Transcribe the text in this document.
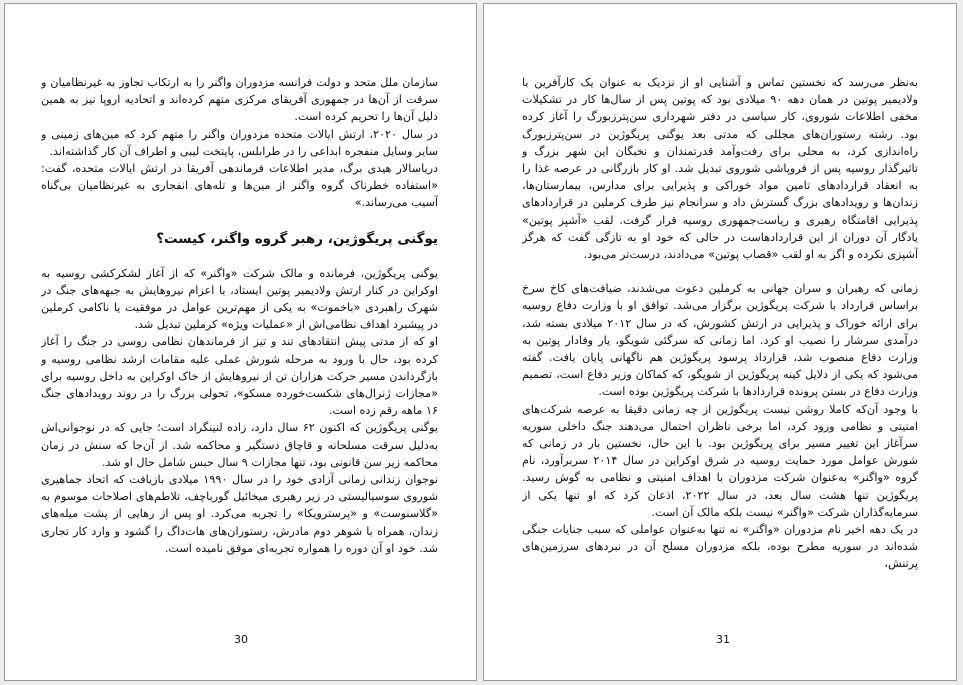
سازمان ملل متحد و دولت فرانسه مزدوران واگنر را به ارتکاب تجاوز به غیرنظامیان و سرقت از آن‌ها در جمهوری آفریقای مرکزی متهم کرده‌اند و اتحادیه اروپا نیز به همین دلیل آن‌ها را تحریم کرده است.

در سال ۲۰۲۰، ارتش ایالات متحده مزدوران واگنر را متهم کرد که مین‌های زمینی و سایر وسایل منفجره ابداعی را در طرابلس، پایتخت لیبی و اطراف آن کار گذاشته‌اند.

دریاسالار هیدی برگ، مدیر اطلاعات فرماندهی آفریقا در ارتش ایالات متحده، گفت: «استفاده خطرناک گروه واگنر از مین‌ها و تله‌های انفجاری به غیرنظامیان بی‌گناه آسیب می‌رساند.»

یوگنی پریگوژین، رهبر گروه واگنر، کیست؟

یوگنی پریگوژین، فرمانده و مالک شرکت «واگنر» که از آغاز لشکرکشی روسیه به اوکراین در کنار ارتش ولادیمیر پوتین ایستاد، با اعزام نیروهایش به جبهه‌های جنگ در شهرک راهبردی «باخموت» به یکی از مهم‌ترین عوامل در موفقیت یا ناکامی کرملین در پیشبرد اهداف نظامی‌اش از «عملیات ویژه» کرملین تبدیل شد.

او که از مدتی پیش انتقادهای تند و تیز از فرماندهان نظامی روسی در جنگ را آغاز کرده بود، حال با ورود به مرحله شورش عملی علیه مقامات ارشد نظامی روسیه و بازگرداندن مسیر حرکت هزاران تن از نیروهایش از خاک اوکراین به داخل روسیه برای «مجازات ژنرال‌های شکست‌خورده مسکو»، تحولی بزرگ را در روند رویدادهای جنگ ۱۶ ماهه رقم زده است.

یوگنی پریگوژین که اکنون ۶۲ سال دارد، زاده لنینگراد است؛ جایی که در نوجوانی‌اش به‌دلیل سرقت مسلحانه و قاچاق دستگیر و محاکمه شد. از آن‌جا که سنش در زمان محاکمه زیر سن قانونی بود، تنها مجازات ۹ سال حبس شامل حال او شد.

نوجوان زندانی زمانی آزادی خود را در سال ۱۹۹۰ میلادی بازیافت که اتحاد جماهیری شوروی سوسیالیستی در زیر رهبری میخائیل گورباچف، تلاطم‌های اصلاحات موسوم به «گلاسنوست» و «پرسترویکا» را تجربه می‌کرد. او پس از رهایی از پشت میله‌های زندان، همراه با شوهر دوم مادرش، رستوران‌های هات‌داگ را گشود و وارد کار تجاری شد. خود او آن دوره را همواره تجربه‌ای موفق نامیده است.

30

به‌نظر می‌رسد که نخستین تماس و آشنایی او از نزدیک به عنوان یک کارآفرین با ولادیمیر پوتین در همان دهه ۹۰ میلادی بود که پوتین پس از سال‌ها کار در تشکیلات مخفی اطلاعات شوروی، کار سیاسی در دفتر شهرداری سن‌پترزبورگ را آغاز کرده بود. رشته رستوران‌های مجللی که مدتی بعد یوگنی پریگوژین در سن‌پترزبورگ راه‌اندازی کرد، به محلی برای رفت‌وآمد قدرتمندان و نخبگان این شهر بزرگ و تاثیرگذار روسیه پس از فروپاشی شوروی تبدیل شد. او کار بازرگانی در عرصه غذا را به انعقاد قراردادهای تامین مواد خوراکی و پذیرایی برای مدارس، بیمارستان‌ها، زندان‌ها و رویدادهای بزرگ گسترش داد و سرانجام نیز طرف کرملین در قراردادهای پذیرایی اقامتگاه رهبری و ریاست‌جمهوری روسیه قرار گرفت. لقب «آشپز پوتین» یادگار آن دوران از این قراردادهاست در حالی که خود او به تازگی گفت که هرگز آشپزی نکرده و اگر به او لقب «قصاب پوتین» می‌دادند، درست‌تر می‌بود.

زمانی که رهبران و سران جهانی به کرملین دعوت می‌شدند، ضیافت‌های کاخ سرخ براساس قرارداد با شرکت پریگوژین برگزار می‌شد. توافق او با وزارت دفاع روسیه برای ارائه خوراک و پذیرایی در ارتش کشورش، که در سال ۲۰۱۲ میلادی بسته شد، درآمدی سرشار را نصیب او کرد. اما زمانی که سرگئی شویگو، یار وفادار پوتین به وزارت دفاع منصوب شد، قرارداد پرسود پریگوژین هم ناگهانی پایان یافت. گفته می‌شود که یکی از دلایل کینه پریگوژین از شویگو، که کماکان وزیر دفاع است، تصمیم وزارت دفاع در بستن پرونده قراردادها با شرکت پریگوژین بوده است.

با وجود آن‌که کاملا روشن نیست پریگوژین از چه زمانی دقیقا به عرصه شرکت‌های امنیتی و نظامی ورود کرد، اما برخی ناظران احتمال می‌دهند جنگ داخلی سوریه سرآغاز این تغییر مسیر برای پریگوژین بود. با این حال، نخستین بار در زمانی که شورش عوامل مورد حمایت روسیه در شرق اوکراین در سال ۲۰۱۴ سربرآورد، نام گروه «واگنر» به‌عنوان شرکت مزدوران با اهداف امنیتی و نظامی به گوش رسید. پریگوژین تنها هشت سال بعد، در سال ۲۰۲۲، اذعان کرد که او تنها یکی از سرمایه‌گذاران شرکت «واگنر» نیست بلکه مالک آن است.

در یک دهه اخیر نام مزدوران «واگنر» نه تنها به‌عنوان عواملی که سبب جنایات جنگی شده‌اند در سوریه مطرح بوده، بلکه مزدوران مسلح آن در نبردهای سرزمین‌های پرتنش،

31
